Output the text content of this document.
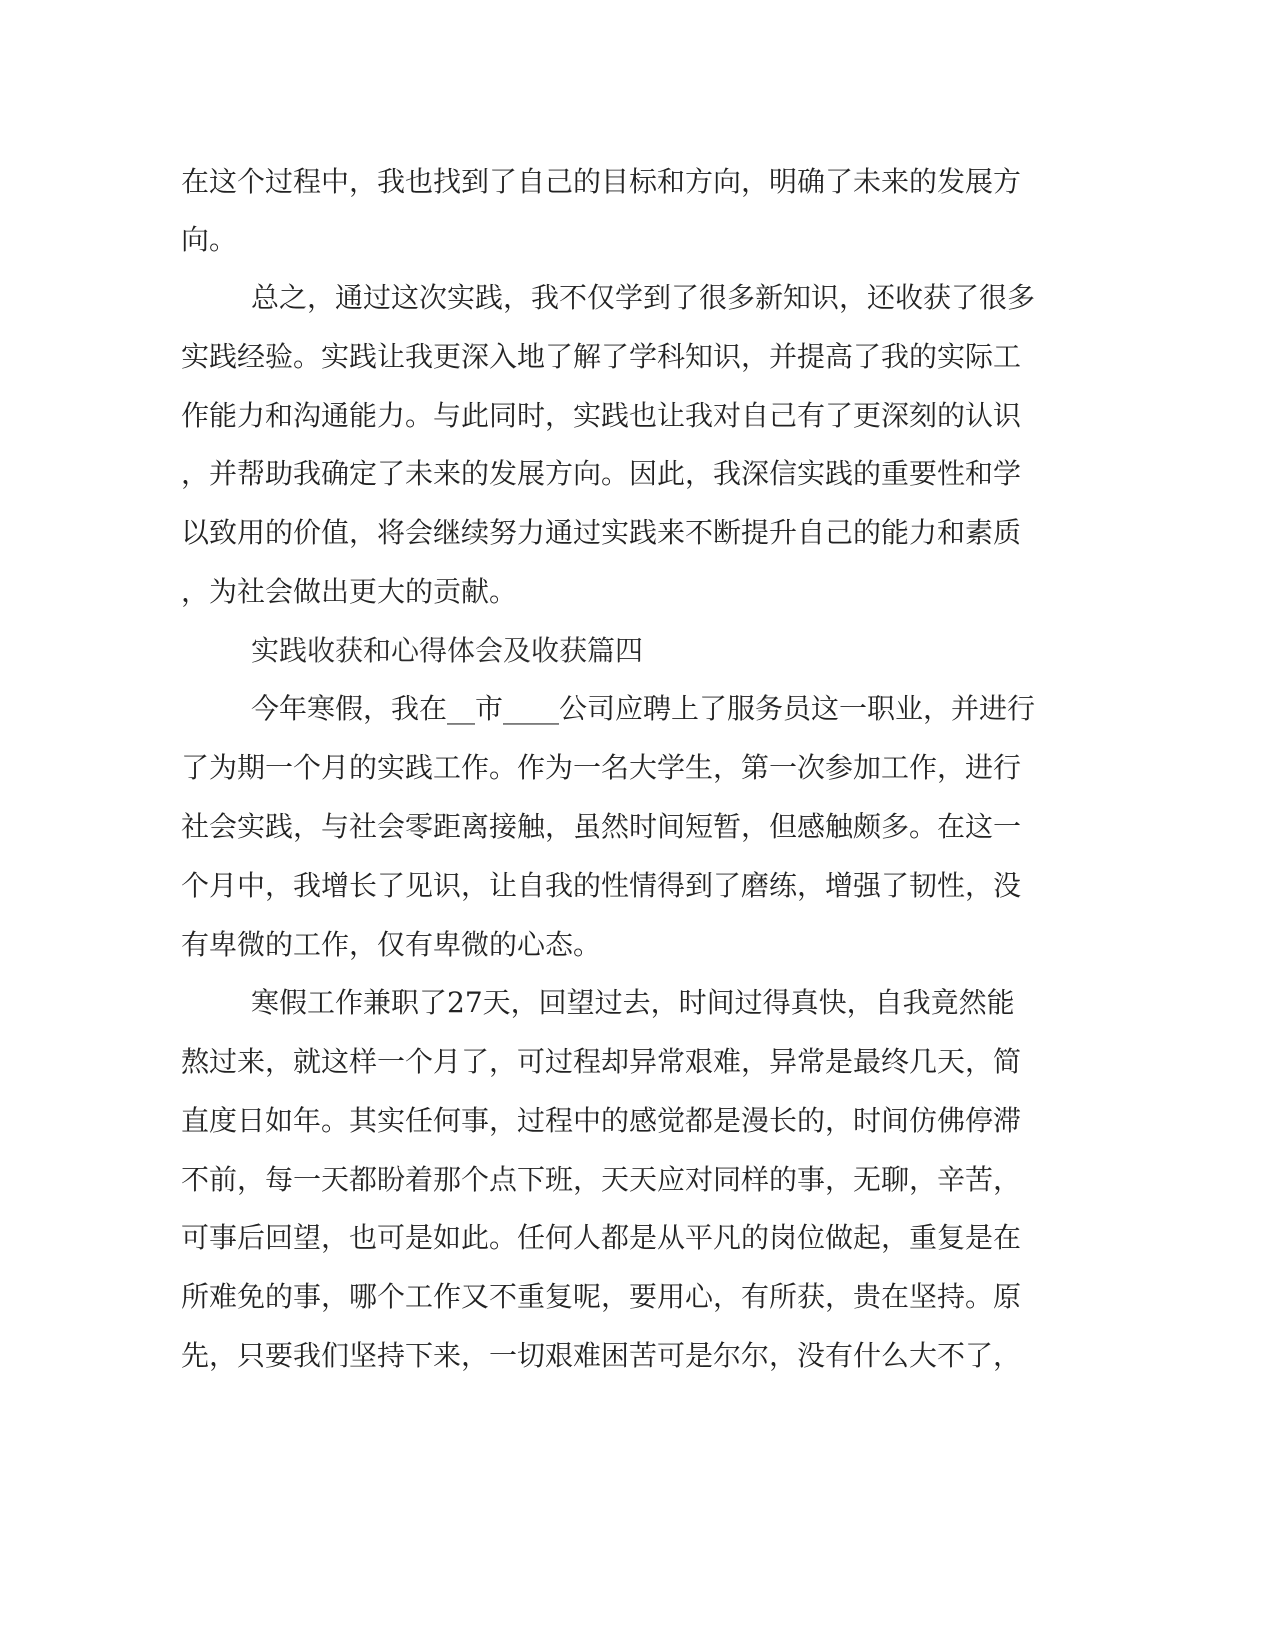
在这个过程中，我也找到了自己的目标和方向，明确了未来的发展方

向。

总之，通过这次实践，我不仅学到了很多新知识，还收获了很多

实践经验。实践让我更深入地了解了学科知识，并提高了我的实际工

作能力和沟通能力。与此同时，实践也让我对自己有了更深刻的认识

，并帮助我确定了未来的发展方向。因此，我深信实践的重要性和学

以致用的价值，将会继续努力通过实践来不断提升自己的能力和素质

，为社会做出更大的贡献。

实践收获和心得体会及收获篇四

今年寒假，我在__市____公司应聘上了服务员这一职业，并进行

了为期一个月的实践工作。作为一名大学生，第一次参加工作，进行

社会实践，与社会零距离接触，虽然时间短暂，但感触颇多。在这一

个月中，我增长了见识，让自我的性情得到了磨练，增强了韧性，没

有卑微的工作，仅有卑微的心态。

寒假工作兼职了27天，回望过去，时间过得真快，自我竟然能

熬过来，就这样一个月了，可过程却异常艰难，异常是最终几天，简

直度日如年。其实任何事，过程中的感觉都是漫长的，时间仿佛停滞

不前，每一天都盼着那个点下班，天天应对同样的事，无聊，辛苦，

可事后回望，也可是如此。任何人都是从平凡的岗位做起，重复是在

所难免的事，哪个工作又不重复呢，要用心，有所获，贵在坚持。原

先，只要我们坚持下来，一切艰难困苦可是尔尔，没有什么大不了，
